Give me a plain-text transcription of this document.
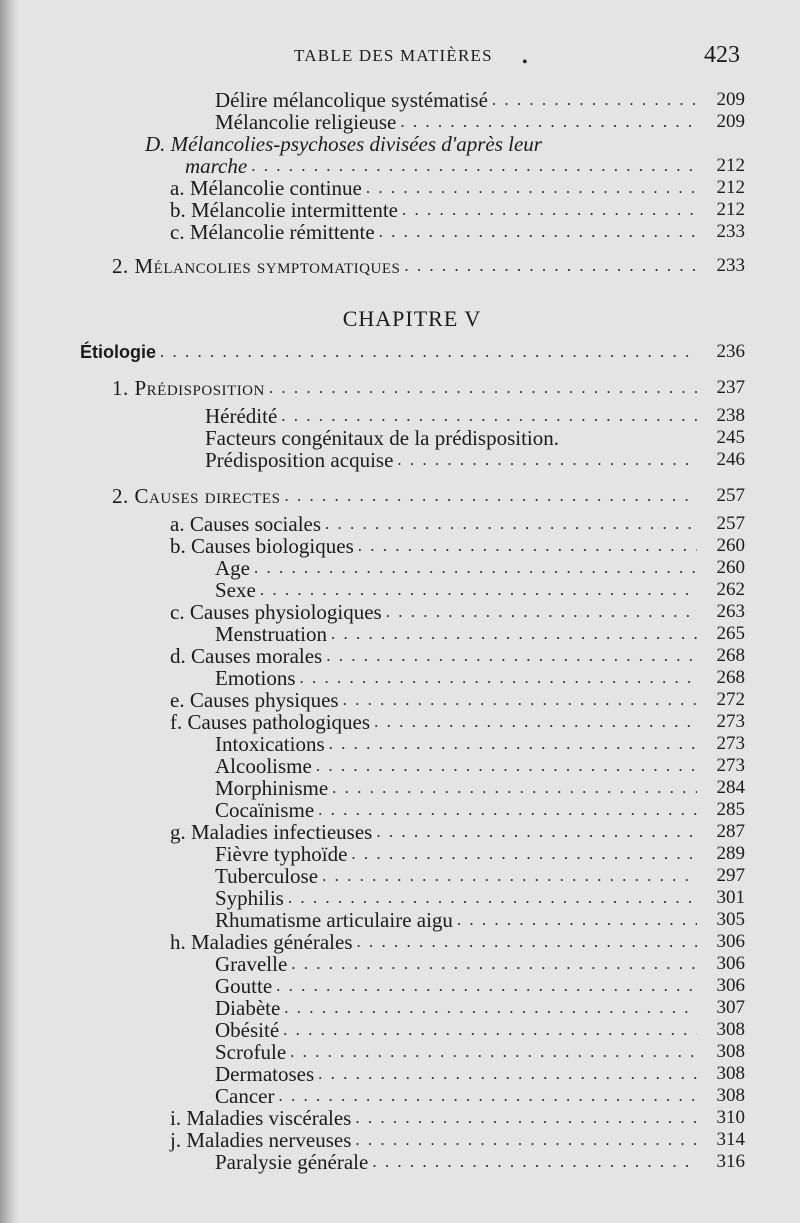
TABLE DES MATIÈRES •	423
CHAPITRE V
Délire mélancolique systématisé . . .	209
Mélancolie religieuse . . .	209
D. Mélancolies-psychoses divisées d'après leur
marche . . .	212
a. Mélancolie continue . . .	212
b. Mélancolie intermittente . . .	212
c. Mélancolie rémittente . . .	233
2. Mélancolies symptomatiques . . .	233
Étiologie . . .	236
1. Prédisposition . . .	237
Hérédité . . .	238
Facteurs congénitaux de la prédisposition.	245
Prédisposition acquise . . .	246
2. Causes directes . . .	257
a. Causes sociales . . .	257
b. Causes biologiques . . .	260
Age . . .	260
Sexe . . .	262
c. Causes physiologiques . . .	263
Menstruation . . .	265
d. Causes morales . . .	268
Emotions . . .	268
e. Causes physiques . . .	272
f. Causes pathologiques . . .	273
Intoxications . . .	273
Alcoolisme . . .	273
Morphinisme . . .	284
Cocaïnisme . . .	285
g. Maladies infectieuses . . .	287
Fièvre typhoïde . . .	289
Tuberculose . . .	297
Syphilis . . .	301
Rhumatisme articulaire aigu . . .	305
h. Maladies générales . . .	306
Gravelle . . .	306
Goutte . . .	306
Diabète . . .	307
Obésité . . .	308
Scrofule . . .	308
Dermatoses . . .	308
Cancer . . .	308
i. Maladies viscérales . . .	310
j. Maladies nerveuses . . .	314
Paralysie générale . . .	316
